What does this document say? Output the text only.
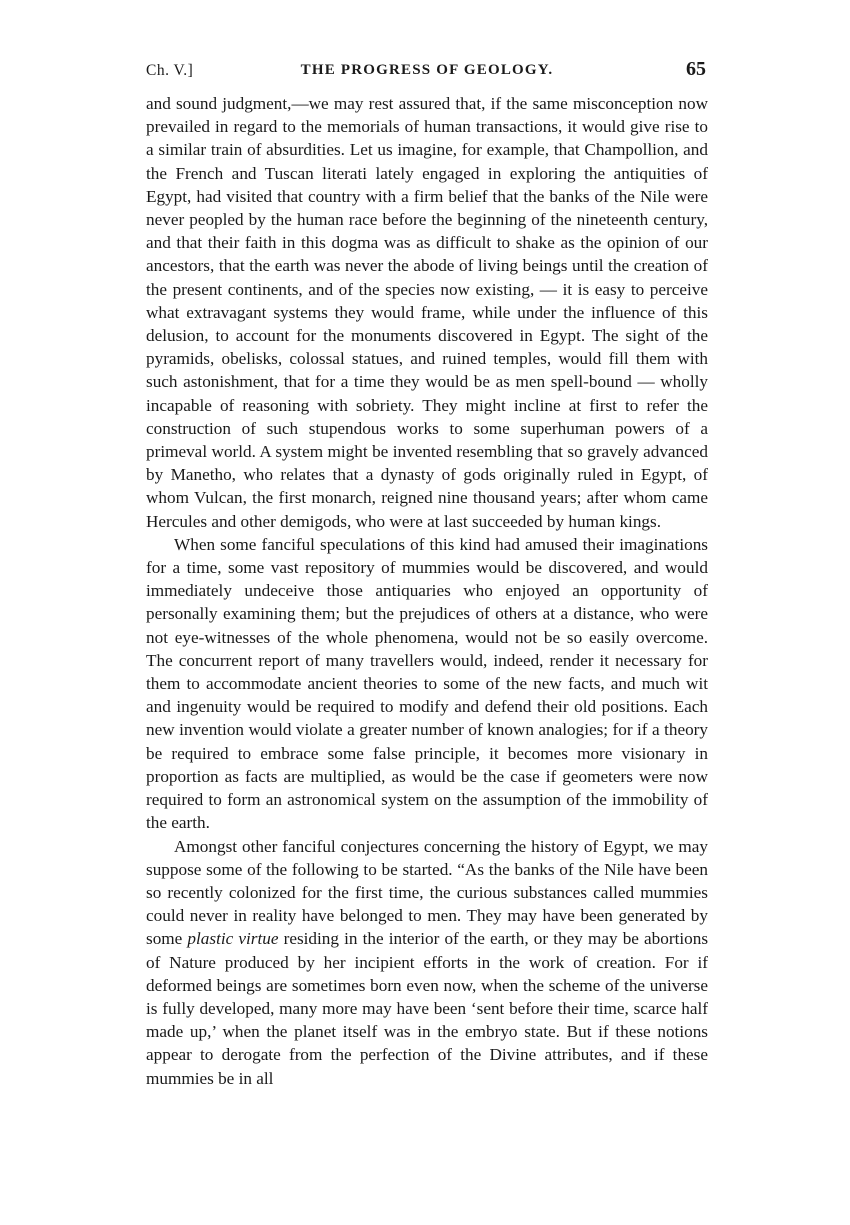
Ch. V.]	THE PROGRESS OF GEOLOGY.	65

and sound judgment,—we may rest assured that, if the same misconception now prevailed in regard to the memorials of human transactions, it would give rise to a similar train of absurdities. Let us imagine, for example, that Champollion, and the French and Tuscan literati lately engaged in exploring the antiquities of Egypt, had visited that country with a firm belief that the banks of the Nile were never peopled by the human race before the beginning of the nineteenth century, and that their faith in this dogma was as difficult to shake as the opinion of our ancestors, that the earth was never the abode of living beings until the creation of the present continents, and of the species now existing, — it is easy to perceive what extravagant systems they would frame, while under the influence of this delusion, to account for the monuments discovered in Egypt. The sight of the pyramids, obelisks, colossal statues, and ruined temples, would fill them with such astonishment, that for a time they would be as men spell-bound — wholly incapable of reasoning with sobriety. They might incline at first to refer the construction of such stupendous works to some superhuman powers of a primeval world. A system might be invented resembling that so gravely advanced by Manetho, who relates that a dynasty of gods originally ruled in Egypt, of whom Vulcan, the first monarch, reigned nine thousand years; after whom came Hercules and other demigods, who were at last succeeded by human kings.

When some fanciful speculations of this kind had amused their imaginations for a time, some vast repository of mummies would be discovered, and would immediately undeceive those antiquaries who enjoyed an opportunity of personally examining them; but the prejudices of others at a distance, who were not eye-witnesses of the whole phenomena, would not be so easily overcome. The concurrent report of many travellers would, indeed, render it necessary for them to accommodate ancient theories to some of the new facts, and much wit and ingenuity would be required to modify and defend their old positions. Each new invention would violate a greater number of known analogies; for if a theory be required to embrace some false principle, it becomes more visionary in proportion as facts are multiplied, as would be the case if geometers were now required to form an astronomical system on the assumption of the immobility of the earth.

Amongst other fanciful conjectures concerning the history of Egypt, we may suppose some of the following to be started. “As the banks of the Nile have been so recently colonized for the first time, the curious substances called mummies could never in reality have belonged to men. They may have been generated by some plastic virtue residing in the interior of the earth, or they may be abortions of Nature produced by her incipient efforts in the work of creation. For if deformed beings are sometimes born even now, when the scheme of the universe is fully developed, many more may have been ‘sent before their time, scarce half made up,’ when the planet itself was in the embryo state. But if these notions appear to derogate from the perfection of the Divine attributes, and if these mummies be in all
